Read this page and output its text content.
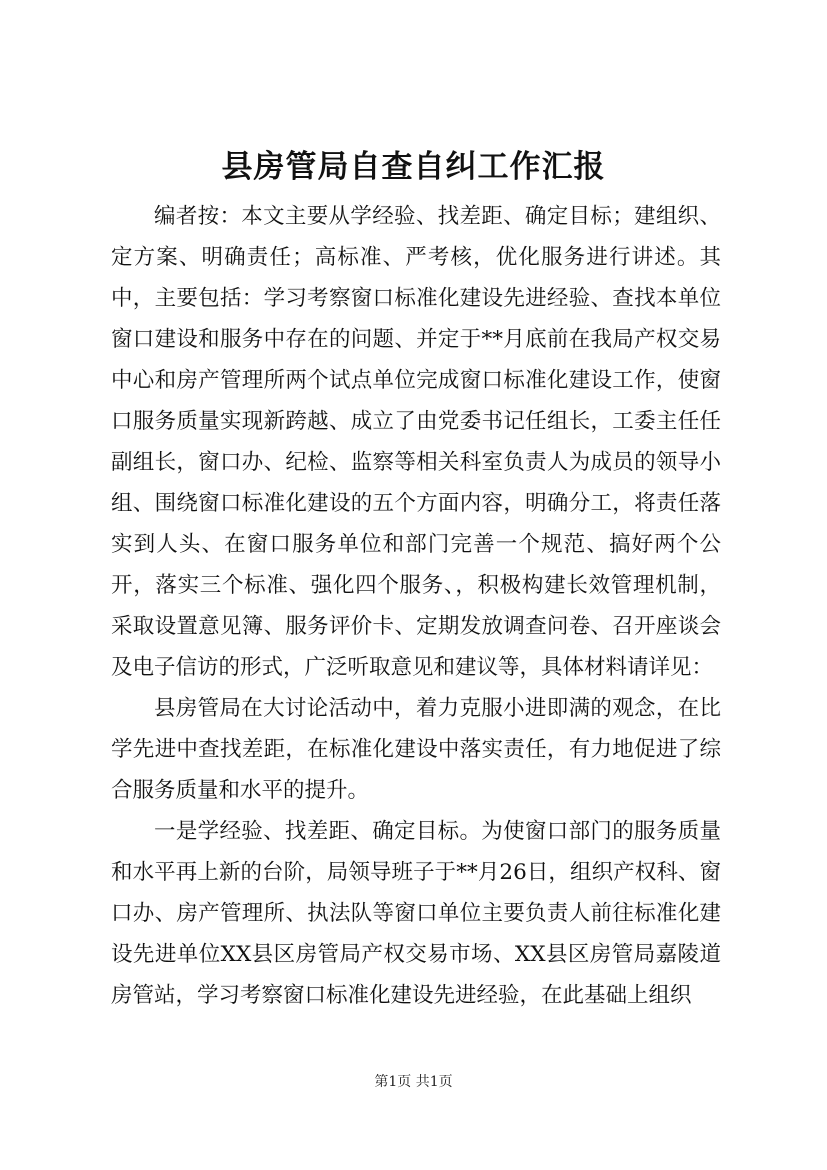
县房管局自查自纠工作汇报

编者按：本文主要从学经验、找差距、确定目标；建组织、定方案、明确责任；高标准、严考核，优化服务进行讲述。其中，主要包括：学习考察窗口标准化建设先进经验、查找本单位窗口建设和服务中存在的问题、并定于**月底前在我局产权交易中心和房产管理所两个试点单位完成窗口标准化建设工作，使窗口服务质量实现新跨越、成立了由党委书记任组长，工委主任任副组长，窗口办、纪检、监察等相关科室负责人为成员的领导小组、围绕窗口标准化建设的五个方面内容，明确分工，将责任落实到人头、在窗口服务单位和部门完善一个规范、搞好两个公开，落实三个标准、强化四个服务、，积极构建长效管理机制，采取设置意见簿、服务评价卡、定期发放调查问卷、召开座谈会及电子信访的形式，广泛听取意见和建议等，具体材料请详见：

县房管局在大讨论活动中，着力克服小进即满的观念，在比学先进中查找差距，在标准化建设中落实责任，有力地促进了综合服务质量和水平的提升。

一是学经验、找差距、确定目标。为使窗口部门的服务质量和水平再上新的台阶，局领导班子于**月26日，组织产权科、窗口办、房产管理所、执法队等窗口单位主要负责人前往标准化建设先进单位XX县区房管局产权交易市场、XX县区房管局嘉陵道房管站，学习考察窗口标准化建设先进经验，在此基础上组织

第1页 共1页
